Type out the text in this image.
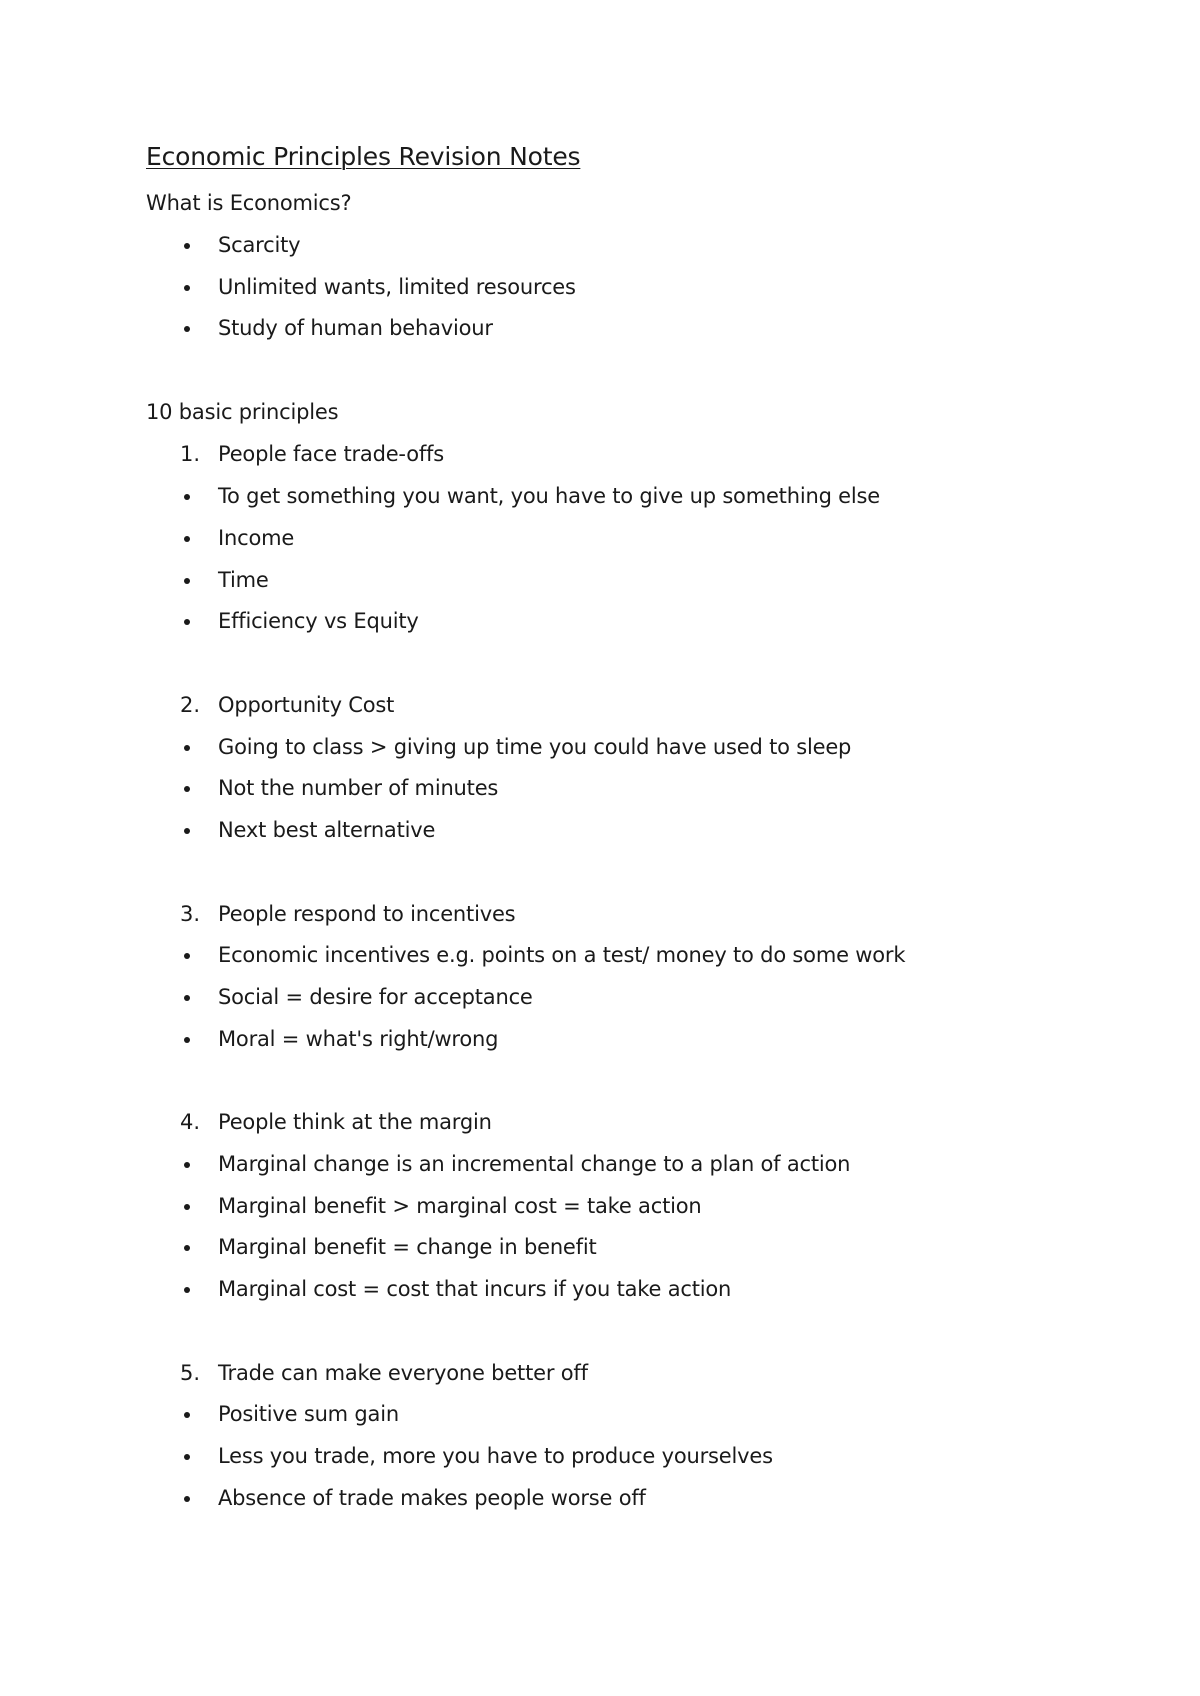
Economic Principles Revision Notes
What is Economics?
Scarcity
Unlimited wants, limited resources
Study of human behaviour
10 basic principles
1. People face trade-offs
To get something you want, you have to give up something else
Income
Time
Efficiency vs Equity
2. Opportunity Cost
Going to class > giving up time you could have used to sleep
Not the number of minutes
Next best alternative
3. People respond to incentives
Economic incentives e.g. points on a test/ money to do some work
Social = desire for acceptance
Moral = what's right/wrong
4. People think at the margin
Marginal change is an incremental change to a plan of action
Marginal benefit > marginal cost = take action
Marginal benefit = change in benefit
Marginal cost = cost that incurs if you take action
5. Trade can make everyone better off
Positive sum gain
Less you trade, more you have to produce yourselves
Absence of trade makes people worse off
